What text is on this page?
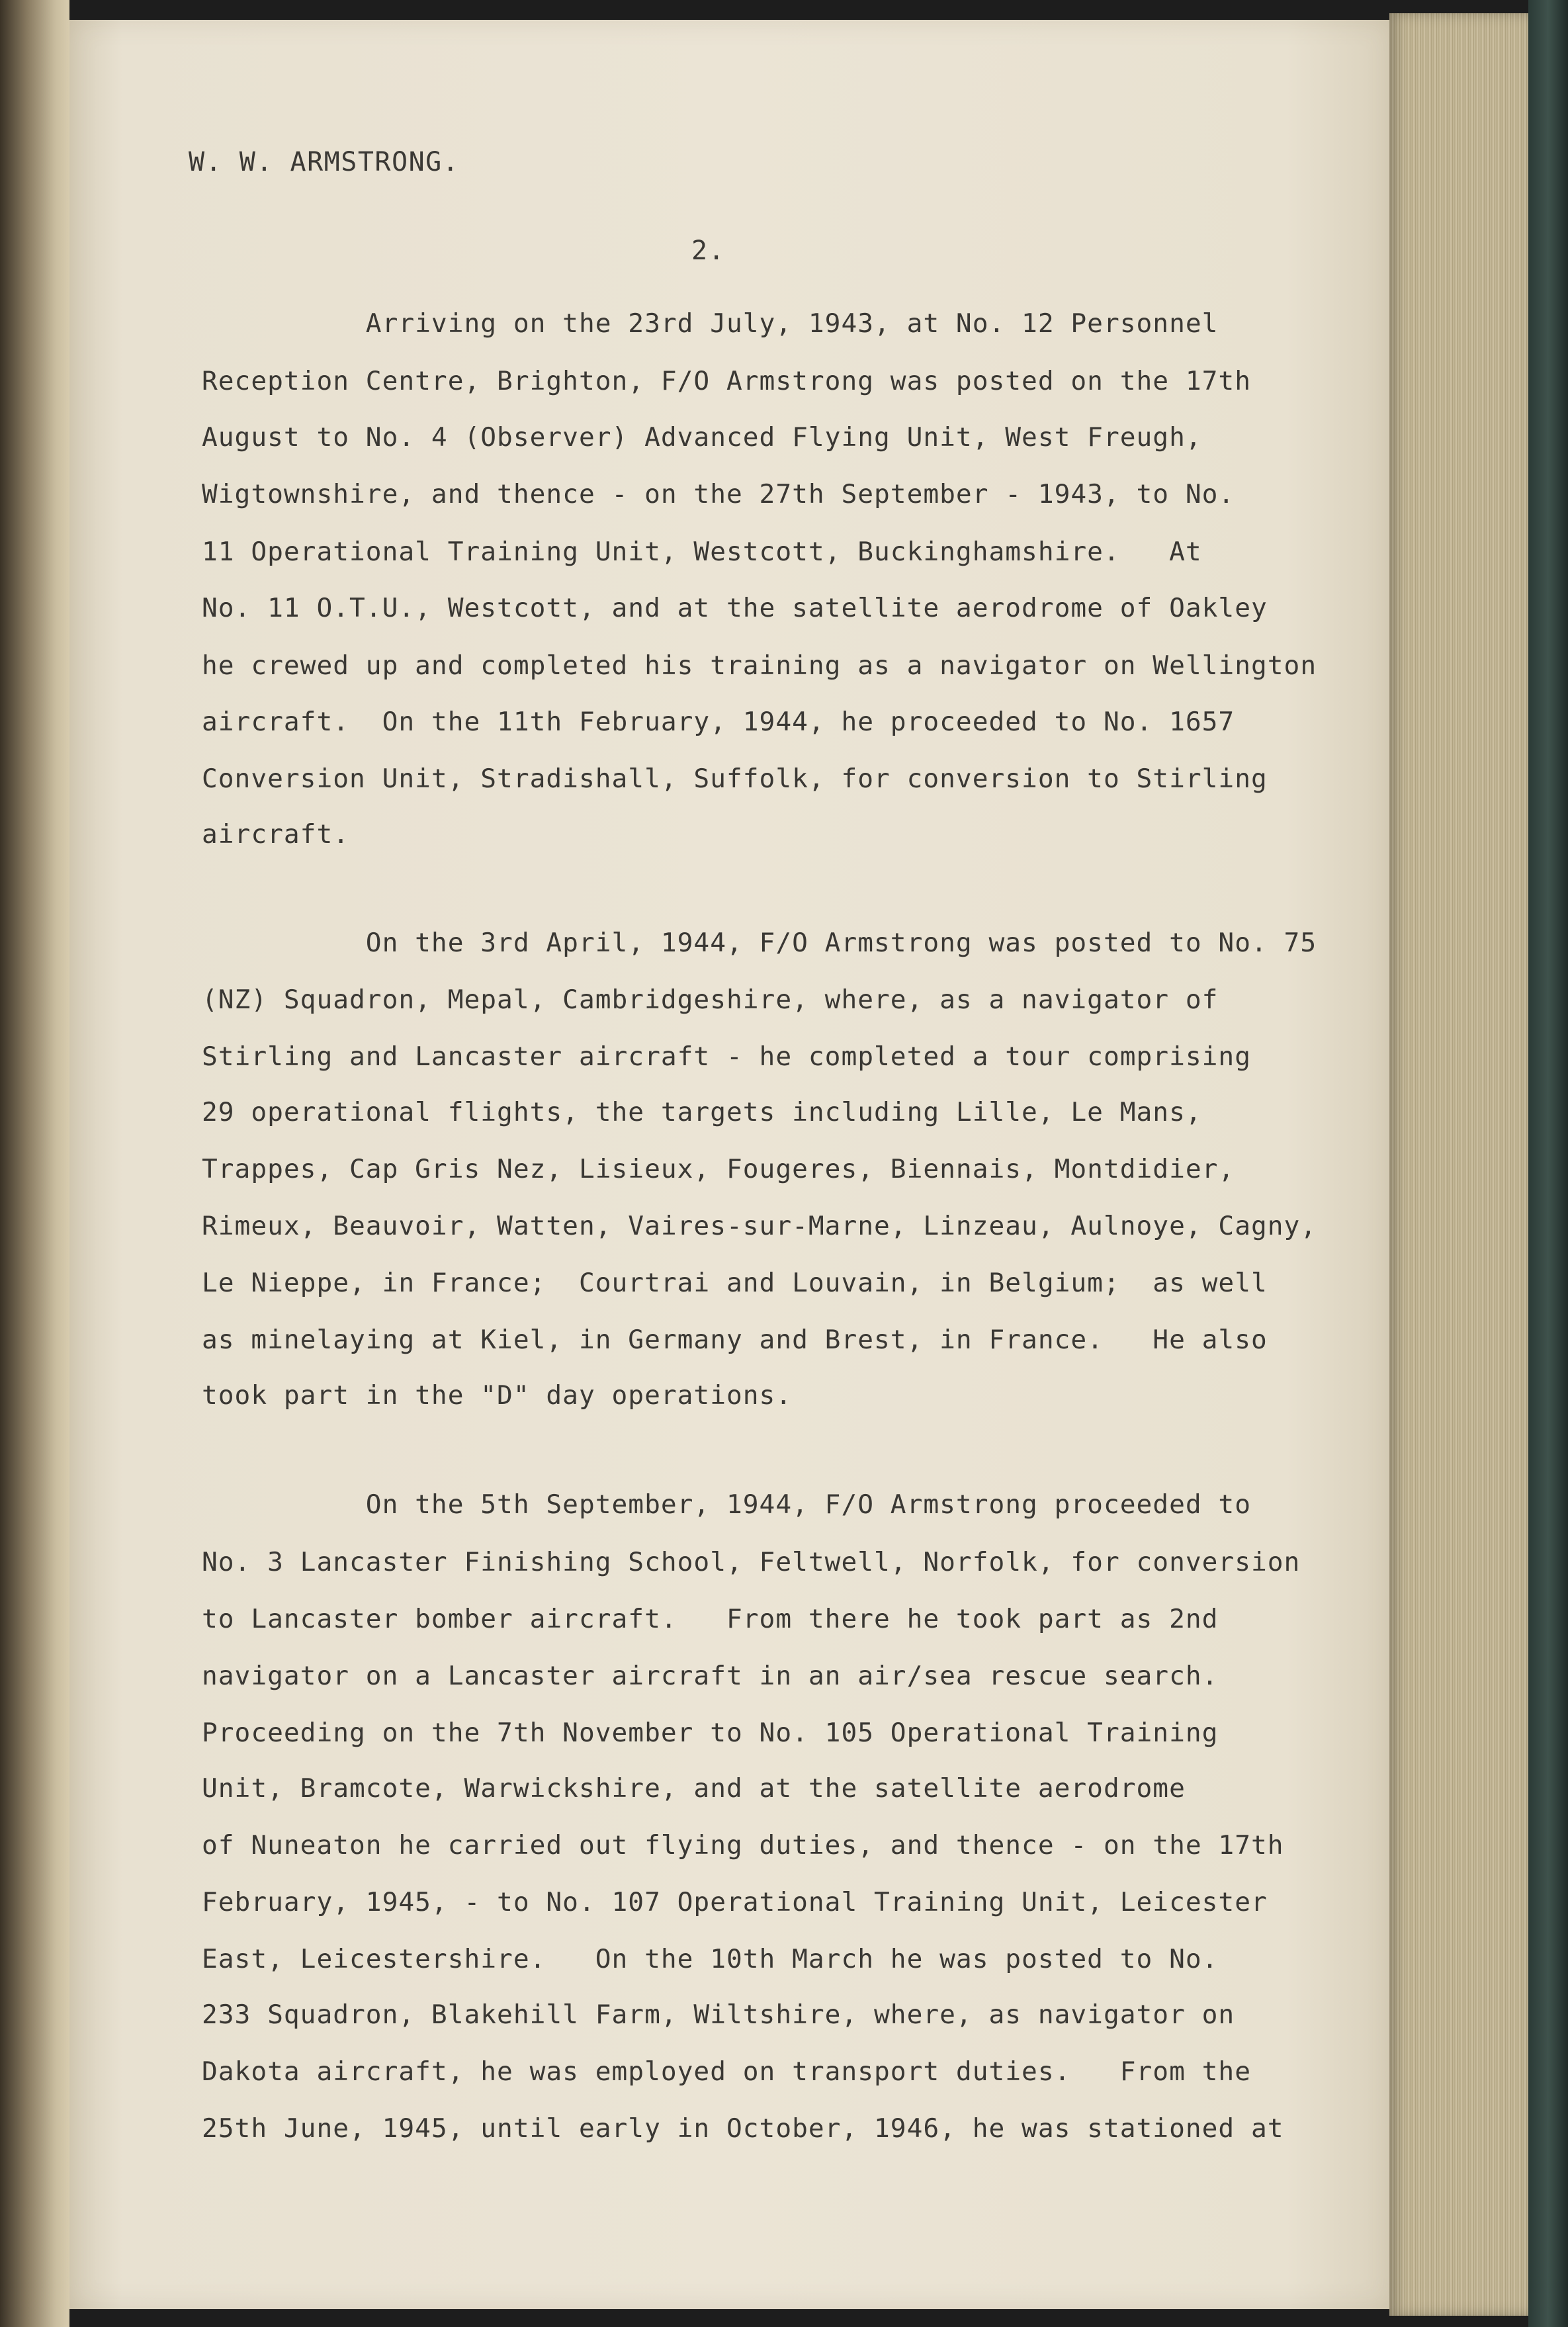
W. W. ARMSTRONG.
2.
Arriving on the 23rd July, 1943, at No. 12 Personnel
Reception Centre, Brighton, F/O Armstrong was posted on the 17th
August to No. 4 (Observer) Advanced Flying Unit, West Freugh,
Wigtownshire, and thence - on the 27th September - 1943, to No.
11 Operational Training Unit, Westcott, Buckinghamshire.   At
No. 11 O.T.U., Westcott, and at the satellite aerodrome of Oakley
he crewed up and completed his training as a navigator on Wellington
aircraft.  On the 11th February, 1944, he proceeded to No. 1657
Conversion Unit, Stradishall, Suffolk, for conversion to Stirling
aircraft.
On the 3rd April, 1944, F/O Armstrong was posted to No. 75
(NZ) Squadron, Mepal, Cambridgeshire, where, as a navigator of
Stirling and Lancaster aircraft - he completed a tour comprising
29 operational flights, the targets including Lille, Le Mans,
Trappes, Cap Gris Nez, Lisieux, Fougeres, Biennais, Montdidier,
Rimeux, Beauvoir, Watten, Vaires-sur-Marne, Linzeau, Aulnoye, Cagny,
Le Nieppe, in France;  Courtrai and Louvain, in Belgium;  as well
as minelaying at Kiel, in Germany and Brest, in France.   He also
took part in the "D" day operations.
On the 5th September, 1944, F/O Armstrong proceeded to
No. 3 Lancaster Finishing School, Feltwell, Norfolk, for conversion
to Lancaster bomber aircraft.   From there he took part as 2nd
navigator on a Lancaster aircraft in an air/sea rescue search.
Proceeding on the 7th November to No. 105 Operational Training
Unit, Bramcote, Warwickshire, and at the satellite aerodrome
of Nuneaton he carried out flying duties, and thence - on the 17th
February, 1945, - to No. 107 Operational Training Unit, Leicester
East, Leicestershire.   On the 10th March he was posted to No.
233 Squadron, Blakehill Farm, Wiltshire, where, as navigator on
Dakota aircraft, he was employed on transport duties.   From the
25th June, 1945, until early in October, 1946, he was stationed at
